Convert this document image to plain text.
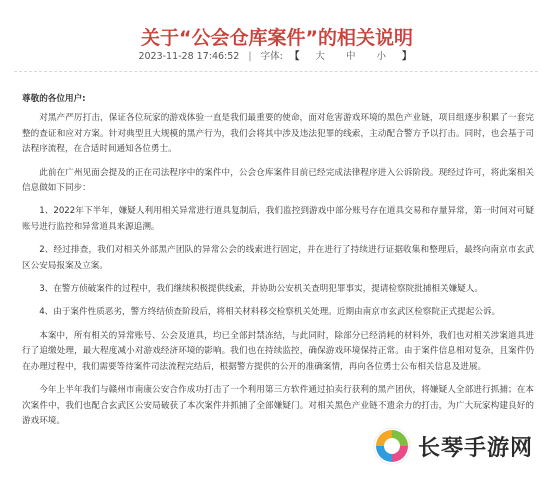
关于“公会仓库案件”的相关说明
2023-11-28 17:46:52 | 字体: 【 大 中 小 】

尊敬的各位用户:

对黑产严厉打击，保证各位玩家的游戏体验一直是我们最重要的使命，面对危害游戏环境的黑色产业链，项目组逐步积累了一套完整的查证和应对方案。针对典型且大规模的黑产行为，我们会将其中涉及违法犯罪的线索，主动配合警方予以打击。同时，也会基于司法程序流程，在合适时间通知各位勇士。

此前在广州见面会提及的正在司法程序中的案件中，公会仓库案件目前已经完成法律程序进入公诉阶段。现经过许可，将此案相关信息做如下同步：

1、2022年下半年，嫌疑人利用相关异常进行道具复制后，我们监控到游戏中部分账号存在道具交易和存量异常，第一时间对可疑账号进行监控和异常道具来源追溯。

2、经过排查，我们对相关外部黑产团队的异常公会的线索进行固定，并在进行了持续进行证据收集和整理后，最终向南京市玄武区公安局报案及立案。

3、在警方侦破案件的过程中，我们继续积极提供线索，并协助公安机关查明犯罪事实，提请检察院批捕相关嫌疑人。

4、由于案件性质恶劣，警方终结侦查阶段后，将相关材料移交检察机关处理。近期由南京市玄武区检察院正式提起公诉。

本案中，所有相关的异常账号、公会及道具，均已全部封禁冻结，与此同时，除部分已经消耗的材料外，我们也对相关涉案道具进行了追缴处理，最大程度减小对游戏经济环境的影响。我们也在持续监控，确保游戏环境保持正常。由于案件信息相对复杂，且案件仍在办理过程中，我们需要等待案件司法流程完结后，根据警方提供的公开的准确案情，再向各位勇士公布相关信息及进展。

今年上半年我们与赣州市南康公安合作成功打击了一个利用第三方软件通过拍卖行获利的黑产团伙，将嫌疑人全部进行抓捕；在本次案件中，我们也配合玄武区公安局破获了本次案件并抓捕了全部嫌疑门。对相关黑色产业链不遗余力的打击，为广大玩家构建良好的游戏环境。

长琴手游网
